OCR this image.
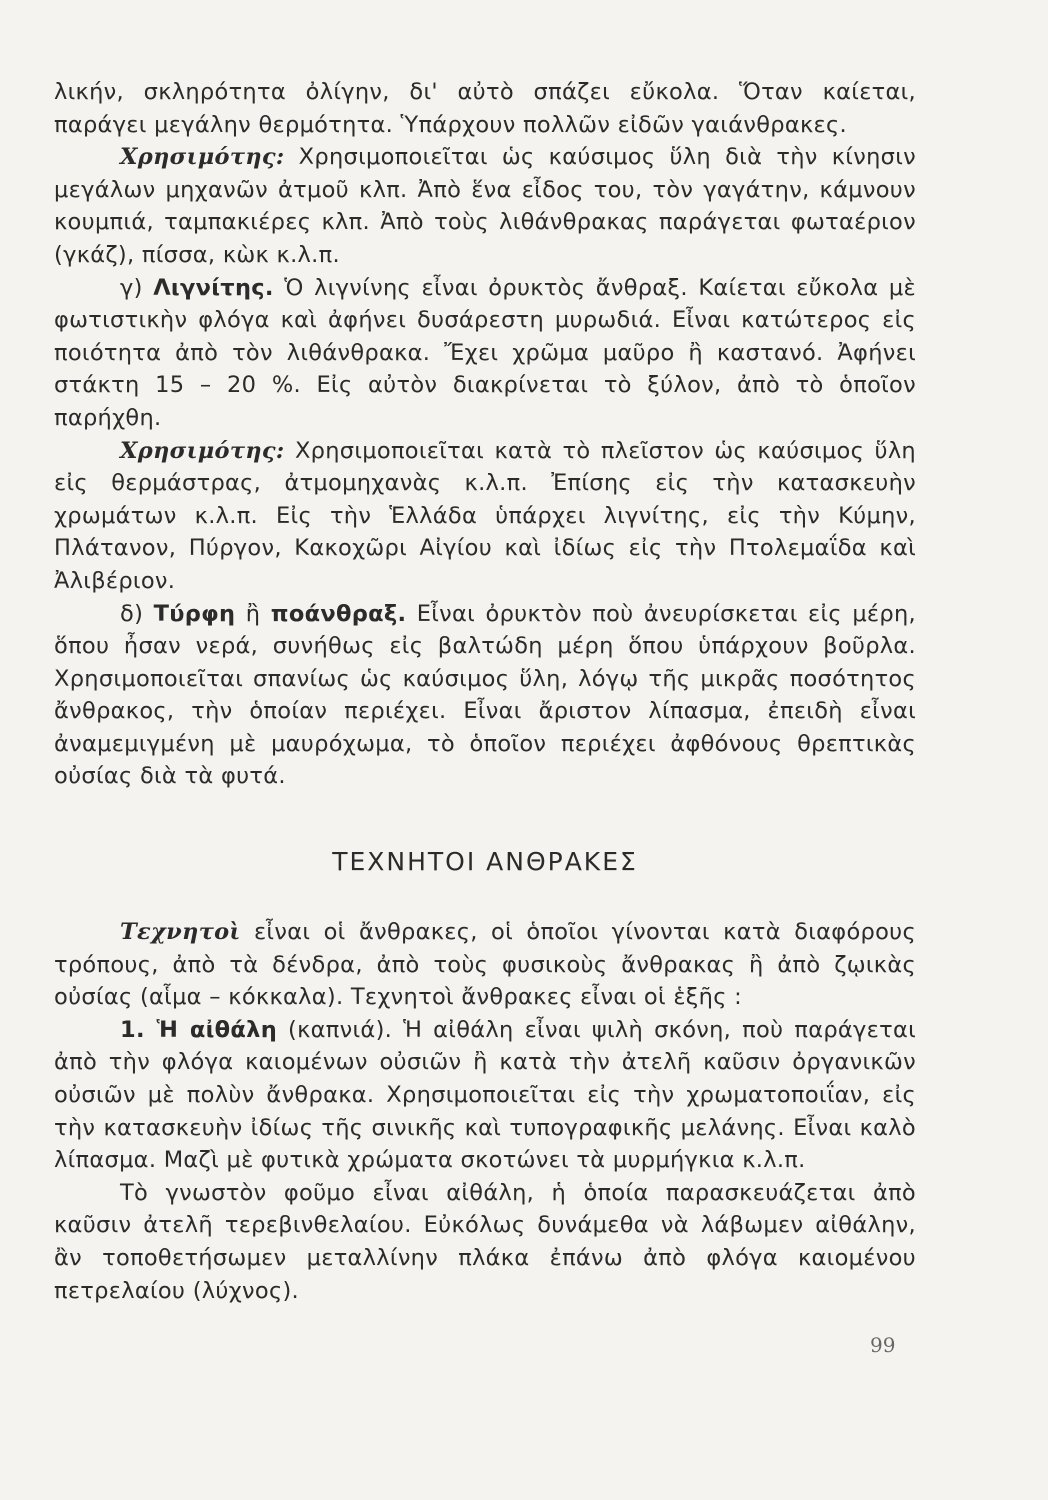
λικήν, σκληρότητα ὀλίγην, δι' αὐτὸ σπάζει εὔκολα. Ὅταν καίεται, παράγει μεγάλην θερμότητα. Ὑπάρχουν πολλῶν εἰδῶν γαιάνθρακες.

Χρησιμότης: Χρησιμοποιεῖται ὡς καύσιμος ὕλη διὰ τὴν κίνησιν μεγάλων μηχανῶν ἀτμοῦ κλπ. Ἀπὸ ἕνα εἶδος του, τὸν γαγάτην, κάμνουν κουμπιά, ταμπακιέρες κλπ. Ἀπὸ τοὺς λιθάνθρακας παράγεται φωταέριον (γκάζ), πίσσα, κὼκ κ.λ.π.

γ) Λιγνίτης. Ὁ λιγνίνης εἶναι ὀρυκτὸς ἄνθραξ. Καίεται εὔκολα μὲ φωτιστικὴν φλόγα καὶ ἀφήνει δυσάρεστη μυρωδιά. Εἶναι κατώτερος εἰς ποιότητα ἀπὸ τὸν λιθάνθρακα. Ἔχει χρῶμα μαῦρο ἢ καστανό. Ἀφήνει στάκτη 15 – 20 %. Εἰς αὐτὸν διακρίνεται τὸ ξύλον, ἀπὸ τὸ ὁποῖον παρήχθη.

Χρησιμότης: Χρησιμοποιεῖται κατὰ τὸ πλεῖστον ὡς καύσιμος ὕλη εἰς θερμάστρας, ἀτμομηχανὰς κ.λ.π. Ἐπίσης εἰς τὴν κατασκευὴν χρωμάτων κ.λ.π. Εἰς τὴν Ἑλλάδα ὑπάρχει λιγνίτης, εἰς τὴν Κύμην, Πλάτανον, Πύργον, Κακοχῶρι Αἰγίου καὶ ἰδίως εἰς τὴν Πτολεμαΐδα καὶ Ἀλιβέριον.

δ) Τύρφη ἢ ποάνθραξ. Εἶναι ὀρυκτὸν ποὺ ἀνευρίσκεται εἰς μέρη, ὅπου ἦσαν νερά, συνήθως εἰς βαλτώδη μέρη ὅπου ὑπάρχουν βοῦρλα. Χρησιμοποιεῖται σπανίως ὡς καύσιμος ὕλη, λόγῳ τῆς μικρᾶς ποσότητος ἄνθρακος, τὴν ὁποίαν περιέχει. Εἶναι ἄριστον λίπασμα, ἐπειδὴ εἶναι ἀναμεμιγμένη μὲ μαυρόχωμα, τὸ ὁποῖον περιέχει ἀφθόνους θρεπτικὰς οὐσίας διὰ τὰ φυτά.

ΤΕΧΝΗΤΟΙ ΑΝΘΡΑΚΕΣ

Τεχνητοὶ εἶναι οἱ ἄνθρακες, οἱ ὁποῖοι γίνονται κατὰ διαφόρους τρόπους, ἀπὸ τὰ δένδρα, ἀπὸ τοὺς φυσικοὺς ἄνθρακας ἢ ἀπὸ ζῳικὰς οὐσίας (αἷμα – κόκκαλα). Τεχνητοὶ ἄνθρακες εἶναι οἱ ἑξῆς :

1. Ἡ αἰθάλη (καπνιά). Ἡ αἰθάλη εἶναι ψιλὴ σκόνη, ποὺ παράγεται ἀπὸ τὴν φλόγα καιομένων οὐσιῶν ἢ κατὰ τὴν ἀτελῆ καῦσιν ὀργανικῶν οὐσιῶν μὲ πολὺν ἄνθρακα. Χρησιμοποιεῖται εἰς τὴν χρωματοποιΐαν, εἰς τὴν κατασκευὴν ἰδίως τῆς σινικῆς καὶ τυπογραφικῆς μελάνης. Εἶναι καλὸ λίπασμα. Μαζὶ μὲ φυτικὰ χρώματα σκοτώνει τὰ μυρμήγκια κ.λ.π.

Τὸ γνωστὸν φοῦμο εἶναι αἰθάλη, ἡ ὁποία παρασκευάζεται ἀπὸ καῦσιν ἀτελῆ τερεβινθελαίου. Εὐκόλως δυνάμεθα νὰ λάβωμεν αἰθάλην, ἂν τοποθετήσωμεν μεταλλίνην πλάκα ἐπάνω ἀπὸ φλόγα καιομένου πετρελαίου (λύχνος).

99
